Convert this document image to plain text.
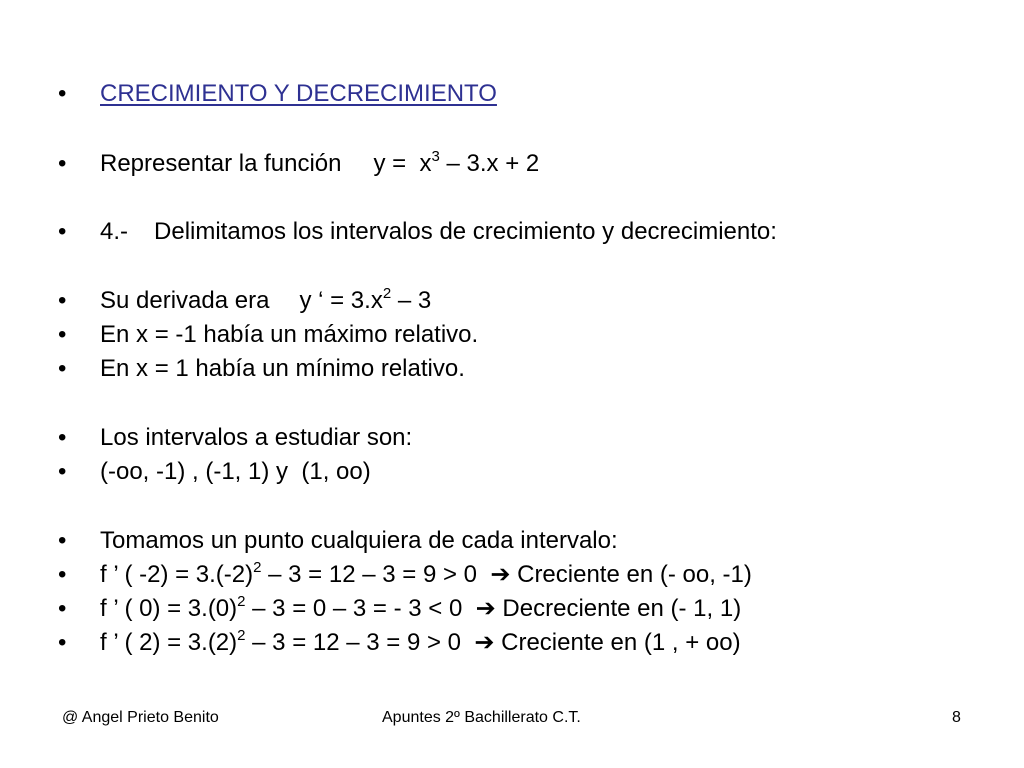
• CRECIMIENTO Y DECRECIMIENTO
• Representar la función $y = x^3 - 3.x + 2$
• 4.- Delimitamos los intervalos de crecimiento y decrecimiento:
• Su derivada era y ‘ = $3.x^2 - 3$
• En x = -1 había un máximo relativo.
• En x = 1 había un mínimo relativo.
• Los intervalos a estudiar son:
• (-oo, -1) , (-1, 1) y  (1, oo)
• Tomamos un punto cualquiera de cada intervalo:
• f ’ ( $-2) = 3.(-2)^2 - 3 = 12 - 3 = 9 > 0$  ➔ Creciente en (- oo, -1)
• f ’ ( $0) = 3.(0)^2 - 3 = 0 - 3$ = - 3 < 0  ➔ Decreciente en (- 1, 1)
• f ’ ( $2) = 3.(2)^2 - 3 = 12 - 3 = 9 > 0$  ➔ Creciente en (1 , + oo)
@ Angel Prieto Benito	Apuntes 2º Bachillerato C.T.	8
